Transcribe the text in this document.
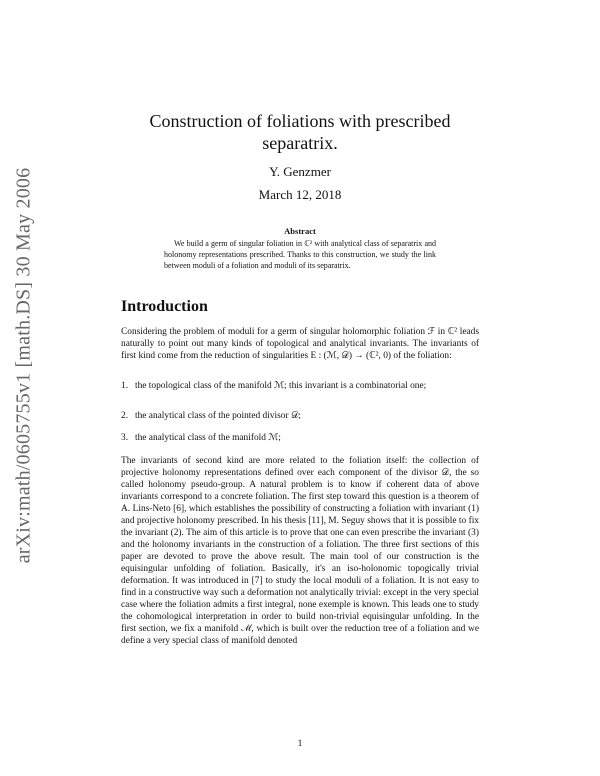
arXiv:math/0605755v1 [math.DS] 30 May 2006
Construction of foliations with prescribed
separatrix.
Y. Genzmer
March 12, 2018
Abstract
We build a germ of singular foliation in ℂ² with analytical class of separatrix and holonomy representations prescribed. Thanks to this construction, we study the link between moduli of a foliation and moduli of its separatrix.
Introduction

Considering the problem of moduli for a germ of singular holomorphic foliation ℱ in ℂ² leads naturally to point out many kinds of topological and analytical invariants. The invariants of first kind come from the reduction of singularities E : (ℳ, 𝒟) → (ℂ², 0) of the foliation:

1. the topological class of the manifold ℳ; this invariant is a combinatorial one;
2. the analytical class of the pointed divisor 𝒟;
3. the analytical class of the manifold ℳ;

The invariants of second kind are more related to the foliation itself: the collection of projective holonomy representations defined over each component of the divisor 𝒟, the so called holonomy pseudo-group. A natural problem is to know if coherent data of above invariants correspond to a concrete foliation. The first step toward this question is a theorem of A. Lins-Neto [6], which establishes the possibility of constructing a foliation with invariant (1) and projective holonomy prescribed. In his thesis [11], M. Seguy shows that it is possible to fix the invariant (2). The aim of this article is to prove that one can even prescribe the invariant (3) and the holonomy invariants in the construction of a foliation. The three first sections of this paper are devoted to prove the above result. The main tool of our construction is the equisingular unfolding of foliation. Basically, it's an iso-holonomic topogically trivial deformation. It was introduced in [7] to study the local moduli of a foliation. It is not easy to find in a constructive way such a deformation not analytically trivial: except in the very special case where the foliation admits a first integral, none exemple is known. This leads one to study the cohomological interpretation in order to build non-trivial equisingular unfolding. In the first section, we fix a manifold ℳ, which is built over the reduction tree of a foliation and we define a very special class of manifold denoted

1
